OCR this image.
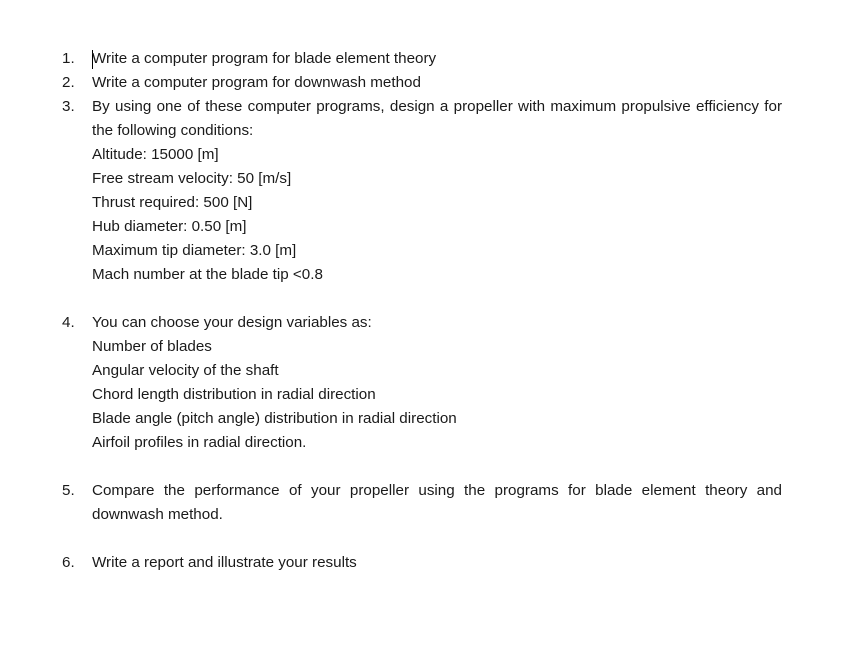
1. Write a computer program for blade element theory
2. Write a computer program for downwash method
3. By using one of these computer programs, design a propeller with maximum propulsive efficiency for the following conditions:
Altitude: 15000 [m]
Free stream velocity: 50 [m/s]
Thrust required: 500 [N]
Hub diameter: 0.50 [m]
Maximum tip diameter: 3.0 [m]
Mach number at the blade tip <0.8
4. You can choose your design variables as:
Number of blades
Angular velocity of the shaft
Chord length distribution in radial direction
Blade angle (pitch angle) distribution in radial direction
Airfoil profiles in radial direction.
5. Compare the performance of your propeller using the programs for blade element theory and downwash method.
6. Write a report and illustrate your results
